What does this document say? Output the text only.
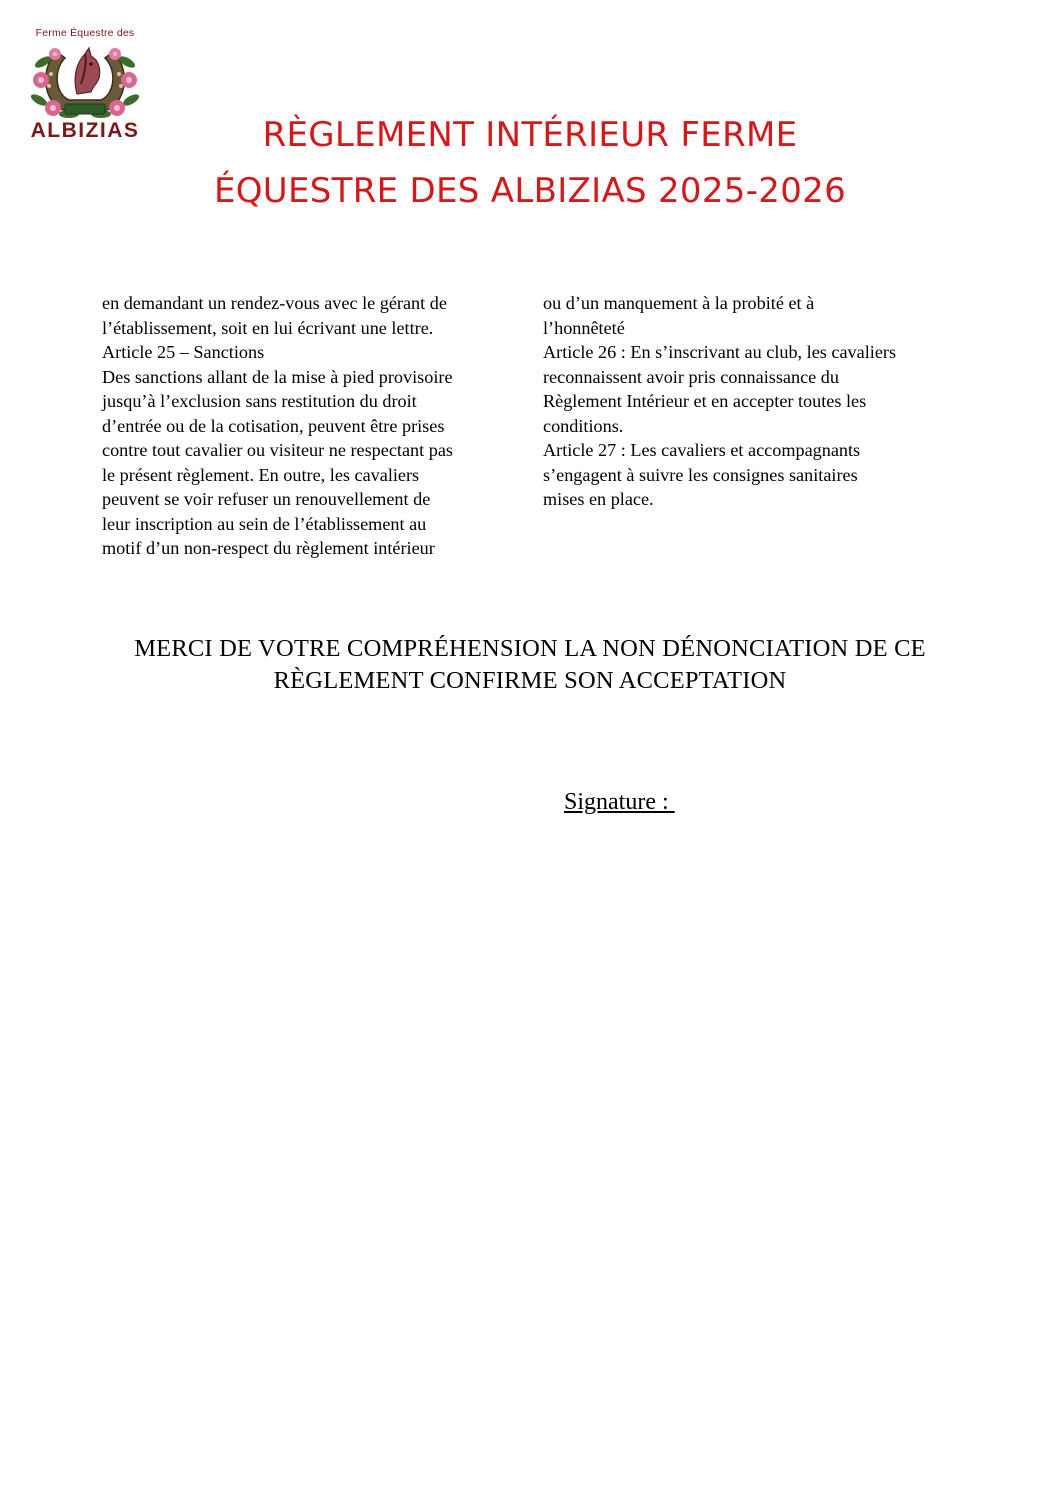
Ferme Équestre des
ALBIZIAS	RÈGLEMENT INTÉRIEUR FERME
ÉQUESTRE DES ALBIZIAS 2025-2026

en demandant un rendez-vous avec le gérant de

l’établissement, soit en lui écrivant une lettre.

Article 25 – Sanctions

Des sanctions allant de la mise à pied provisoire

jusqu’à l’exclusion sans restitution du droit

d’entrée ou de la cotisation, peuvent être prises

contre tout cavalier ou visiteur ne respectant pas

le présent règlement. En outre, les cavaliers

peuvent se voir refuser un renouvellement de

leur inscription au sein de l’établissement au

motif d’un non-respect du règlement intérieur

ou d’un manquement à la probité et à

l’honnêteté

Article 26 : En s’inscrivant au club, les cavaliers

reconnaissent avoir pris connaissance du

Règlement Intérieur et en accepter toutes les

conditions.

Article 27 : Les cavaliers et accompagnants

s’engagent à suivre les consignes sanitaires

mises en place.

MERCI DE VOTRE COMPRÉHENSION LA NON DÉNONCIATION DE CE
RÈGLEMENT CONFIRME SON ACCEPTATION
Signature :
